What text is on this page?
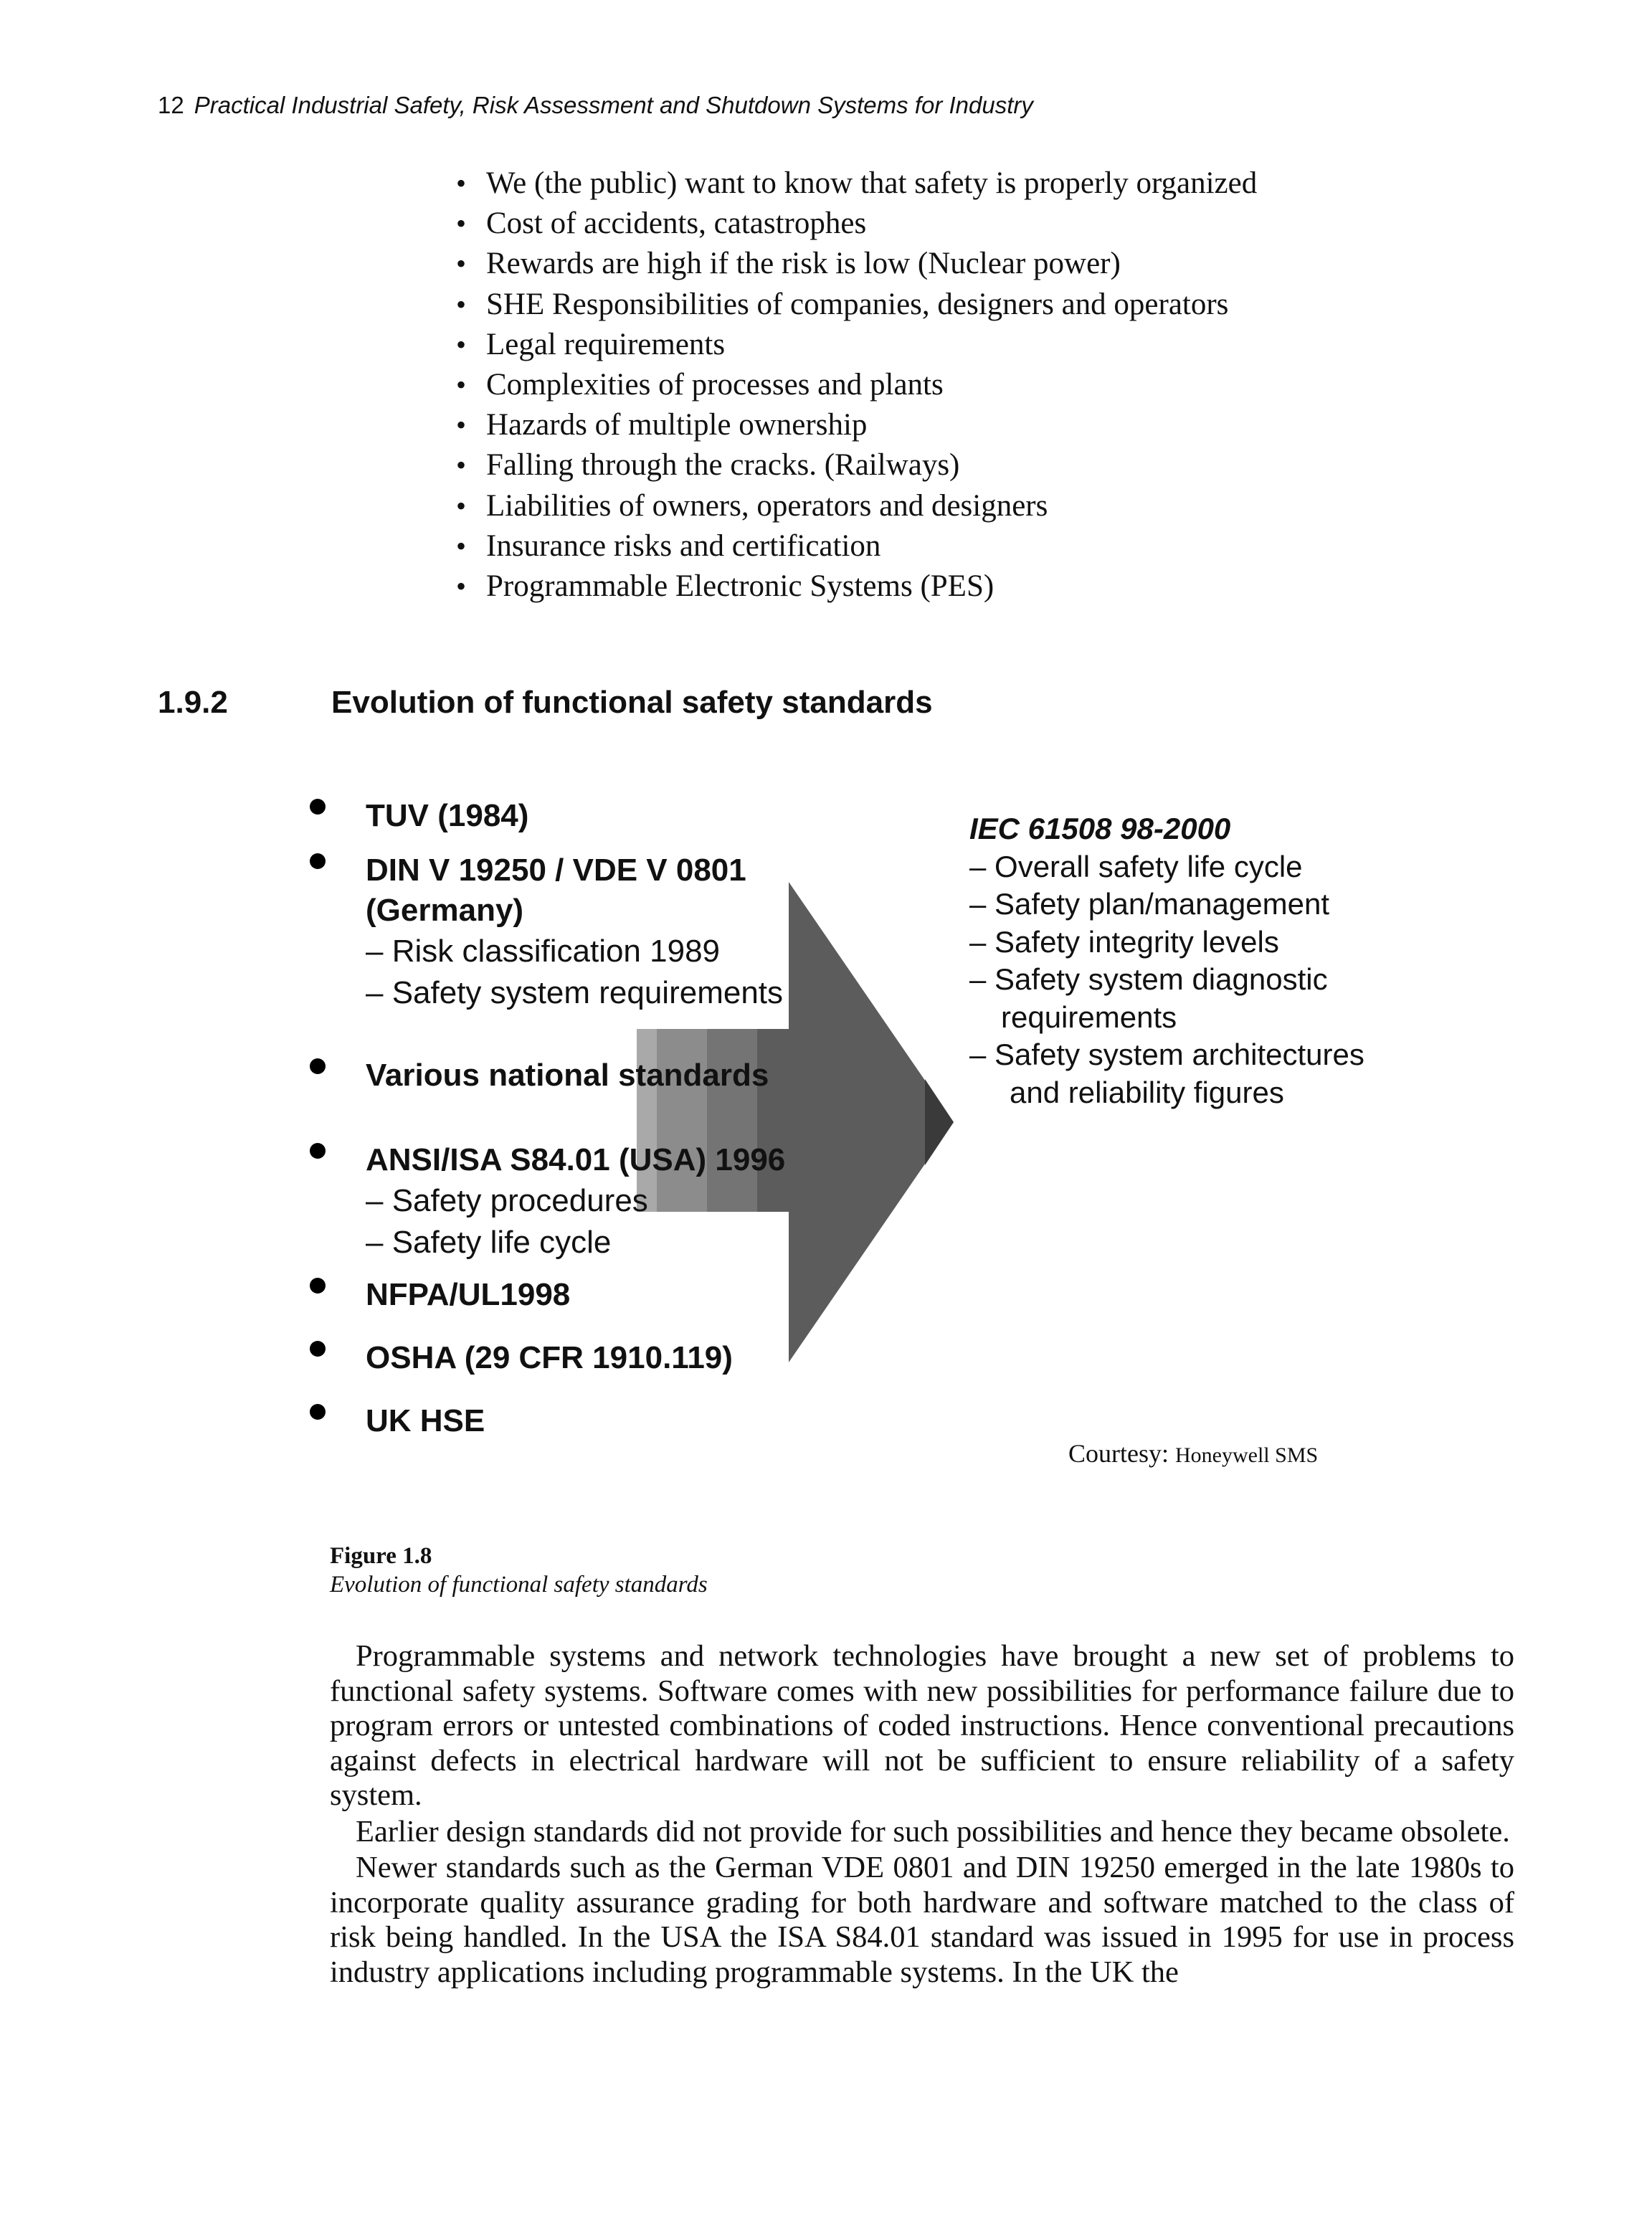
12 Practical Industrial Safety, Risk Assessment and Shutdown Systems for Industry
• We (the public) want to know that safety is properly organized
• Cost of accidents, catastrophes
• Rewards are high if the risk is low (Nuclear power)
• SHE Responsibilities of companies, designers and operators
• Legal requirements
• Complexities of processes and plants
• Hazards of multiple ownership
• Falling through the cracks. (Railways)
• Liabilities of owners, operators and designers
• Insurance risks and certification
• Programmable Electronic Systems (PES)
1.9.2	Evolution of functional safety standards
TUV (1984)
DIN V 19250 / VDE V 0801
(Germany)
– Risk classification 1989
– Safety system requirements
Various national standards
ANSI/ISA S84.01 (USA) 1996
– Safety procedures
– Safety life cycle
NFPA/UL1998
OSHA (29 CFR 1910.119)
UK HSE
IEC 61508 98-2000
– Overall safety life cycle
– Safety plan/management
– Safety integrity levels
– Safety system diagnostic
requirements
– Safety system architectures
and reliability figures
Courtesy: Honeywell SMS
Figure 1.8
Evolution of functional safety standards

Programmable systems and network technologies have brought a new set of problems to functional safety systems. Software comes with new possibilities for performance failure due to program errors or untested combinations of coded instructions. Hence conventional precautions against defects in electrical hardware will not be sufficient to ensure reliability of a safety system.

Earlier design standards did not provide for such possibilities and hence they became obsolete.

Newer standards such as the German VDE 0801 and DIN 19250 emerged in the late 1980s to incorporate quality assurance grading for both hardware and software matched to the class of risk being handled. In the USA the ISA S84.01 standard was issued in 1995 for use in process industry applications including programmable systems. In the UK the
